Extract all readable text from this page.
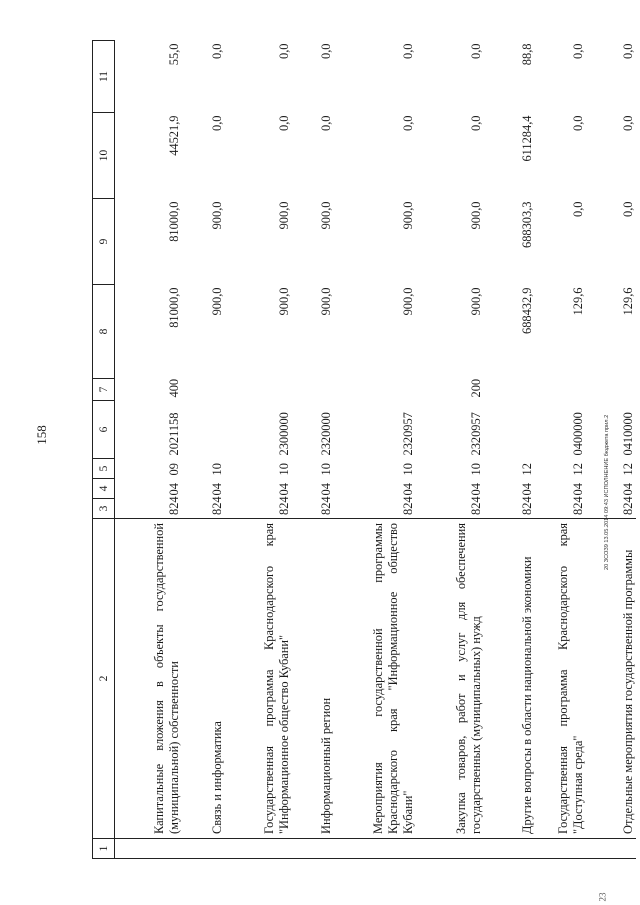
158
1	2	3	4	5	6	7	8	9	10	11
	Капитальные вложения в объекты государственной (муниципальной) собственности	824	04	09	2021158	400	81000,0	81000,0	44521,9	55,0
	Связь и информатика	824	04	10			900,0	900,0	0,0	0,0
	Государственная программа Краснодарского края "Информационное общество Кубани"	824	04	10	2300000		900,0	900,0	0,0	0,0
	Информационный регион	824	04	10	2320000		900,0	900,0	0,0	0,0
	Мероприятия государственной программы Краснодарского края "Информационное общество Кубани"	824	04	10	2320957		900,0	900,0	0,0	0,0
	Закупка товаров, работ и услуг для обеспечения государственных (муниципальных) нужд	824	04	10	2320957	200	900,0	900,0	0,0	0,0
	Другие вопросы в области национальной экономики	824	04	12			688432,9	688303,3	611284,4	88,8
	Государственная программа Краснодарского края "Доступная среда"	824	04	12	0400000		129,6	0,0	0,0	0,0
	Отдельные мероприятия государственной программы	824	04	12	0410000		129,6	0,0	0,0	0,0
20 ЗСОЗ9 13.05.2014 09:43 ИСПОЛНЕНИЕ бюджета прил.2
23
